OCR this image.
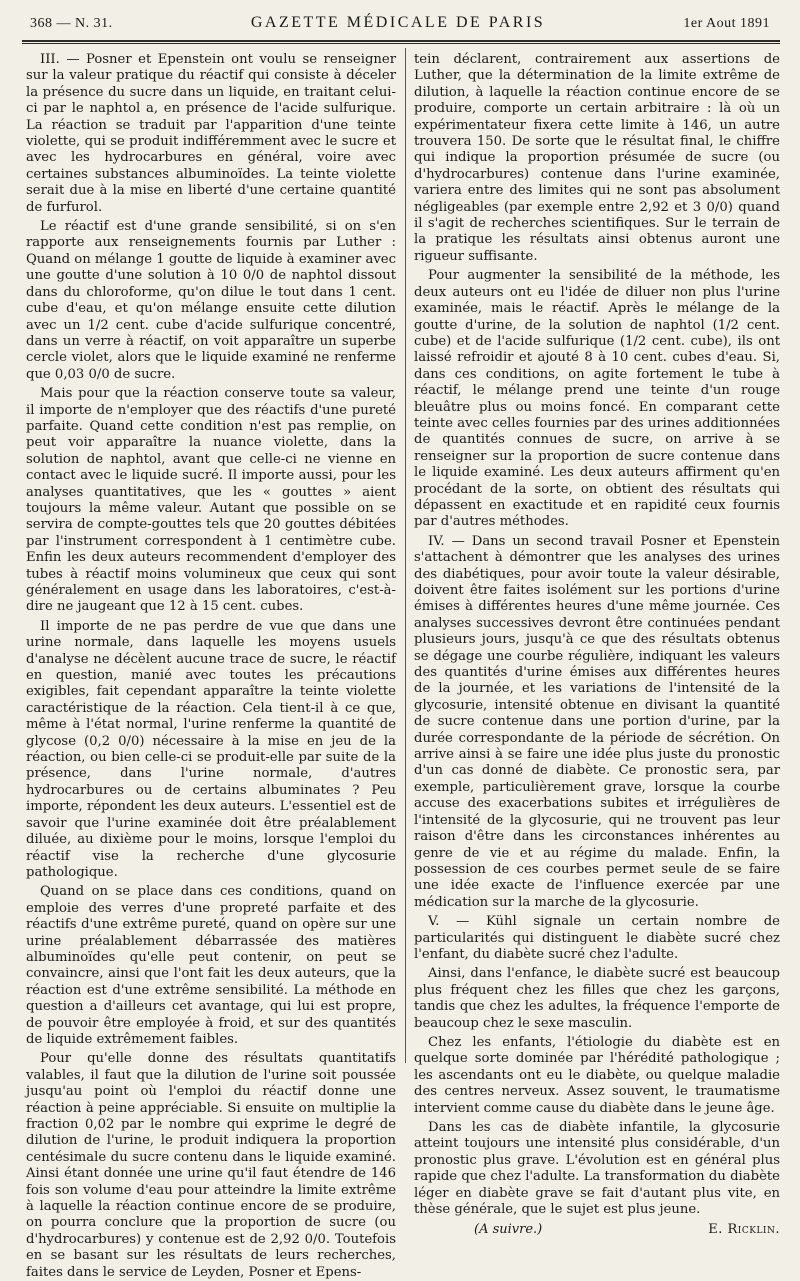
368 — N. 31.	GAZETTE MÉDICALE DE PARIS	1er Aout 1891

III. — Posner et Epenstein ont voulu se renseigner sur la valeur pratique du réactif qui consiste à déceler la présence du sucre dans un liquide, en traitant celui-ci par le naphtol a, en présence de l'acide sulfurique. La réaction se traduit par l'apparition d'une teinte violette, qui se produit indifféremment avec le sucre et avec les hydrocarbures en général, voire avec certaines substances albuminoïdes. La teinte violette serait due à la mise en liberté d'une certaine quantité de furfurol.

Le réactif est d'une grande sensibilité, si on s'en rapporte aux renseignements fournis par Luther : Quand on mélange 1 goutte de liquide à examiner avec une goutte d'une solution à 10 0/0 de naphtol dissout dans du chloroforme, qu'on dilue le tout dans 1 cent. cube d'eau, et qu'on mélange ensuite cette dilution avec un 1/2 cent. cube d'acide sulfurique concentré, dans un verre à réactif, on voit apparaître un superbe cercle violet, alors que le liquide examiné ne renferme que 0,03 0/0 de sucre.

Mais pour que la réaction conserve toute sa valeur, il importe de n'employer que des réactifs d'une pureté parfaite. Quand cette condition n'est pas remplie, on peut voir apparaître la nuance violette, dans la solution de naphtol, avant que celle-ci ne vienne en contact avec le liquide sucré. Il importe aussi, pour les analyses quantitatives, que les « gouttes » aient toujours la même valeur. Autant que possible on se servira de compte-gouttes tels que 20 gouttes débitées par l'instrument correspondent à 1 centimètre cube. Enfin les deux auteurs recommendent d'employer des tubes à réactif moins volumineux que ceux qui sont généralement en usage dans les laboratoires, c'est-à-dire ne jaugeant que 12 à 15 cent. cubes.

Il importe de ne pas perdre de vue que dans une urine normale, dans laquelle les moyens usuels d'analyse ne décèlent aucune trace de sucre, le réactif en question, manié avec toutes les précautions exigibles, fait cependant apparaître la teinte violette caractéristique de la réaction. Cela tient-il à ce que, même à l'état normal, l'urine renferme la quantité de glycose (0,2 0/0) nécessaire à la mise en jeu de la réaction, ou bien celle-ci se produit-elle par suite de la présence, dans l'urine normale, d'autres hydrocarbures ou de certains albuminates ? Peu importe, répondent les deux auteurs. L'essentiel est de savoir que l'urine examinée doit être préalablement diluée, au dixième pour le moins, lorsque l'emploi du réactif vise la recherche d'une glycosurie pathologique.

Quand on se place dans ces conditions, quand on emploie des verres d'une propreté parfaite et des réactifs d'une extrême pureté, quand on opère sur une urine préalablement débarrassée des matières albuminoïdes qu'elle peut contenir, on peut se convaincre, ainsi que l'ont fait les deux auteurs, que la réaction est d'une extrême sensibilité. La méthode en question a d'ailleurs cet avantage, qui lui est propre, de pouvoir être employée à froid, et sur des quantités de liquide extrêmement faibles.

Pour qu'elle donne des résultats quantitatifs valables, il faut que la dilution de l'urine soit poussée jusqu'au point où l'emploi du réactif donne une réaction à peine appréciable. Si ensuite on multiplie la fraction 0,02 par le nombre qui exprime le degré de dilution de l'urine, le produit indiquera la proportion centésimale du sucre contenu dans le liquide examiné. Ainsi étant donnée une urine qu'il faut étendre de 146 fois son volume d'eau pour atteindre la limite extrême à laquelle la réaction continue encore de se produire, on pourra conclure que la proportion de sucre (ou d'hydrocarbures) y contenue est de 2,92 0/0. Toutefois en se basant sur les résultats de leurs recherches, faites dans le service de Leyden, Posner et Epens-

tein déclarent, contrairement aux assertions de Luther, que la détermination de la limite extrême de dilution, à laquelle la réaction continue encore de se produire, comporte un certain arbitraire : là où un expérimentateur fixera cette limite à 146, un autre trouvera 150. De sorte que le résultat final, le chiffre qui indique la proportion présumée de sucre (ou d'hydrocarbures) contenue dans l'urine examinée, variera entre des limites qui ne sont pas absolument négligeables (par exemple entre 2,92 et 3 0/0) quand il s'agit de recherches scientifiques. Sur le terrain de la pratique les résultats ainsi obtenus auront une rigueur suffisante.

Pour augmenter la sensibilité de la méthode, les deux auteurs ont eu l'idée de diluer non plus l'urine examinée, mais le réactif. Après le mélange de la goutte d'urine, de la solution de naphtol (1/2 cent. cube) et de l'acide sulfurique (1/2 cent. cube), ils ont laissé refroidir et ajouté 8 à 10 cent. cubes d'eau. Si, dans ces conditions, on agite fortement le tube à réactif, le mélange prend une teinte d'un rouge bleuâtre plus ou moins foncé. En comparant cette teinte avec celles fournies par des urines additionnées de quantités connues de sucre, on arrive à se renseigner sur la proportion de sucre contenue dans le liquide examiné. Les deux auteurs affirment qu'en procédant de la sorte, on obtient des résultats qui dépassent en exactitude et en rapidité ceux fournis par d'autres méthodes.

IV. — Dans un second travail Posner et Epenstein s'attachent à démontrer que les analyses des urines des diabétiques, pour avoir toute la valeur désirable, doivent être faites isolément sur les portions d'urine émises à différentes heures d'une même journée. Ces analyses successives devront être continuées pendant plusieurs jours, jusqu'à ce que des résultats obtenus se dégage une courbe régulière, indiquant les valeurs des quantités d'urine émises aux différentes heures de la journée, et les variations de l'intensité de la glycosurie, intensité obtenue en divisant la quantité de sucre contenue dans une portion d'urine, par la durée correspondante de la période de sécrétion. On arrive ainsi à se faire une idée plus juste du pronostic d'un cas donné de diabète. Ce pronostic sera, par exemple, particulièrement grave, lorsque la courbe accuse des exacerbations subites et irrégulières de l'intensité de la glycosurie, qui ne trouvent pas leur raison d'être dans les circonstances inhérentes au genre de vie et au régime du malade. Enfin, la possession de ces courbes permet seule de se faire une idée exacte de l'influence exercée par une médication sur la marche de la glycosurie.

V. — Kühl signale un certain nombre de particularités qui distinguent le diabète sucré chez l'enfant, du diabète sucré chez l'adulte.

Ainsi, dans l'enfance, le diabète sucré est beaucoup plus fréquent chez les filles que chez les garçons, tandis que chez les adultes, la fréquence l'emporte de beaucoup chez le sexe masculin.

Chez les enfants, l'étiologie du diabète est en quelque sorte dominée par l'hérédité pathologique ; les ascendants ont eu le diabète, ou quelque maladie des centres nerveux. Assez souvent, le traumatisme intervient comme cause du diabète dans le jeune âge.

Dans les cas de diabète infantile, la glycosurie atteint toujours une intensité plus considérable, d'un pronostic plus grave. L'évolution est en général plus rapide que chez l'adulte. La transformation du diabète léger en diabète grave se fait d'autant plus vite, en thèse générale, que le sujet est plus jeune.

(A suivre.)	E. Ricklin.
